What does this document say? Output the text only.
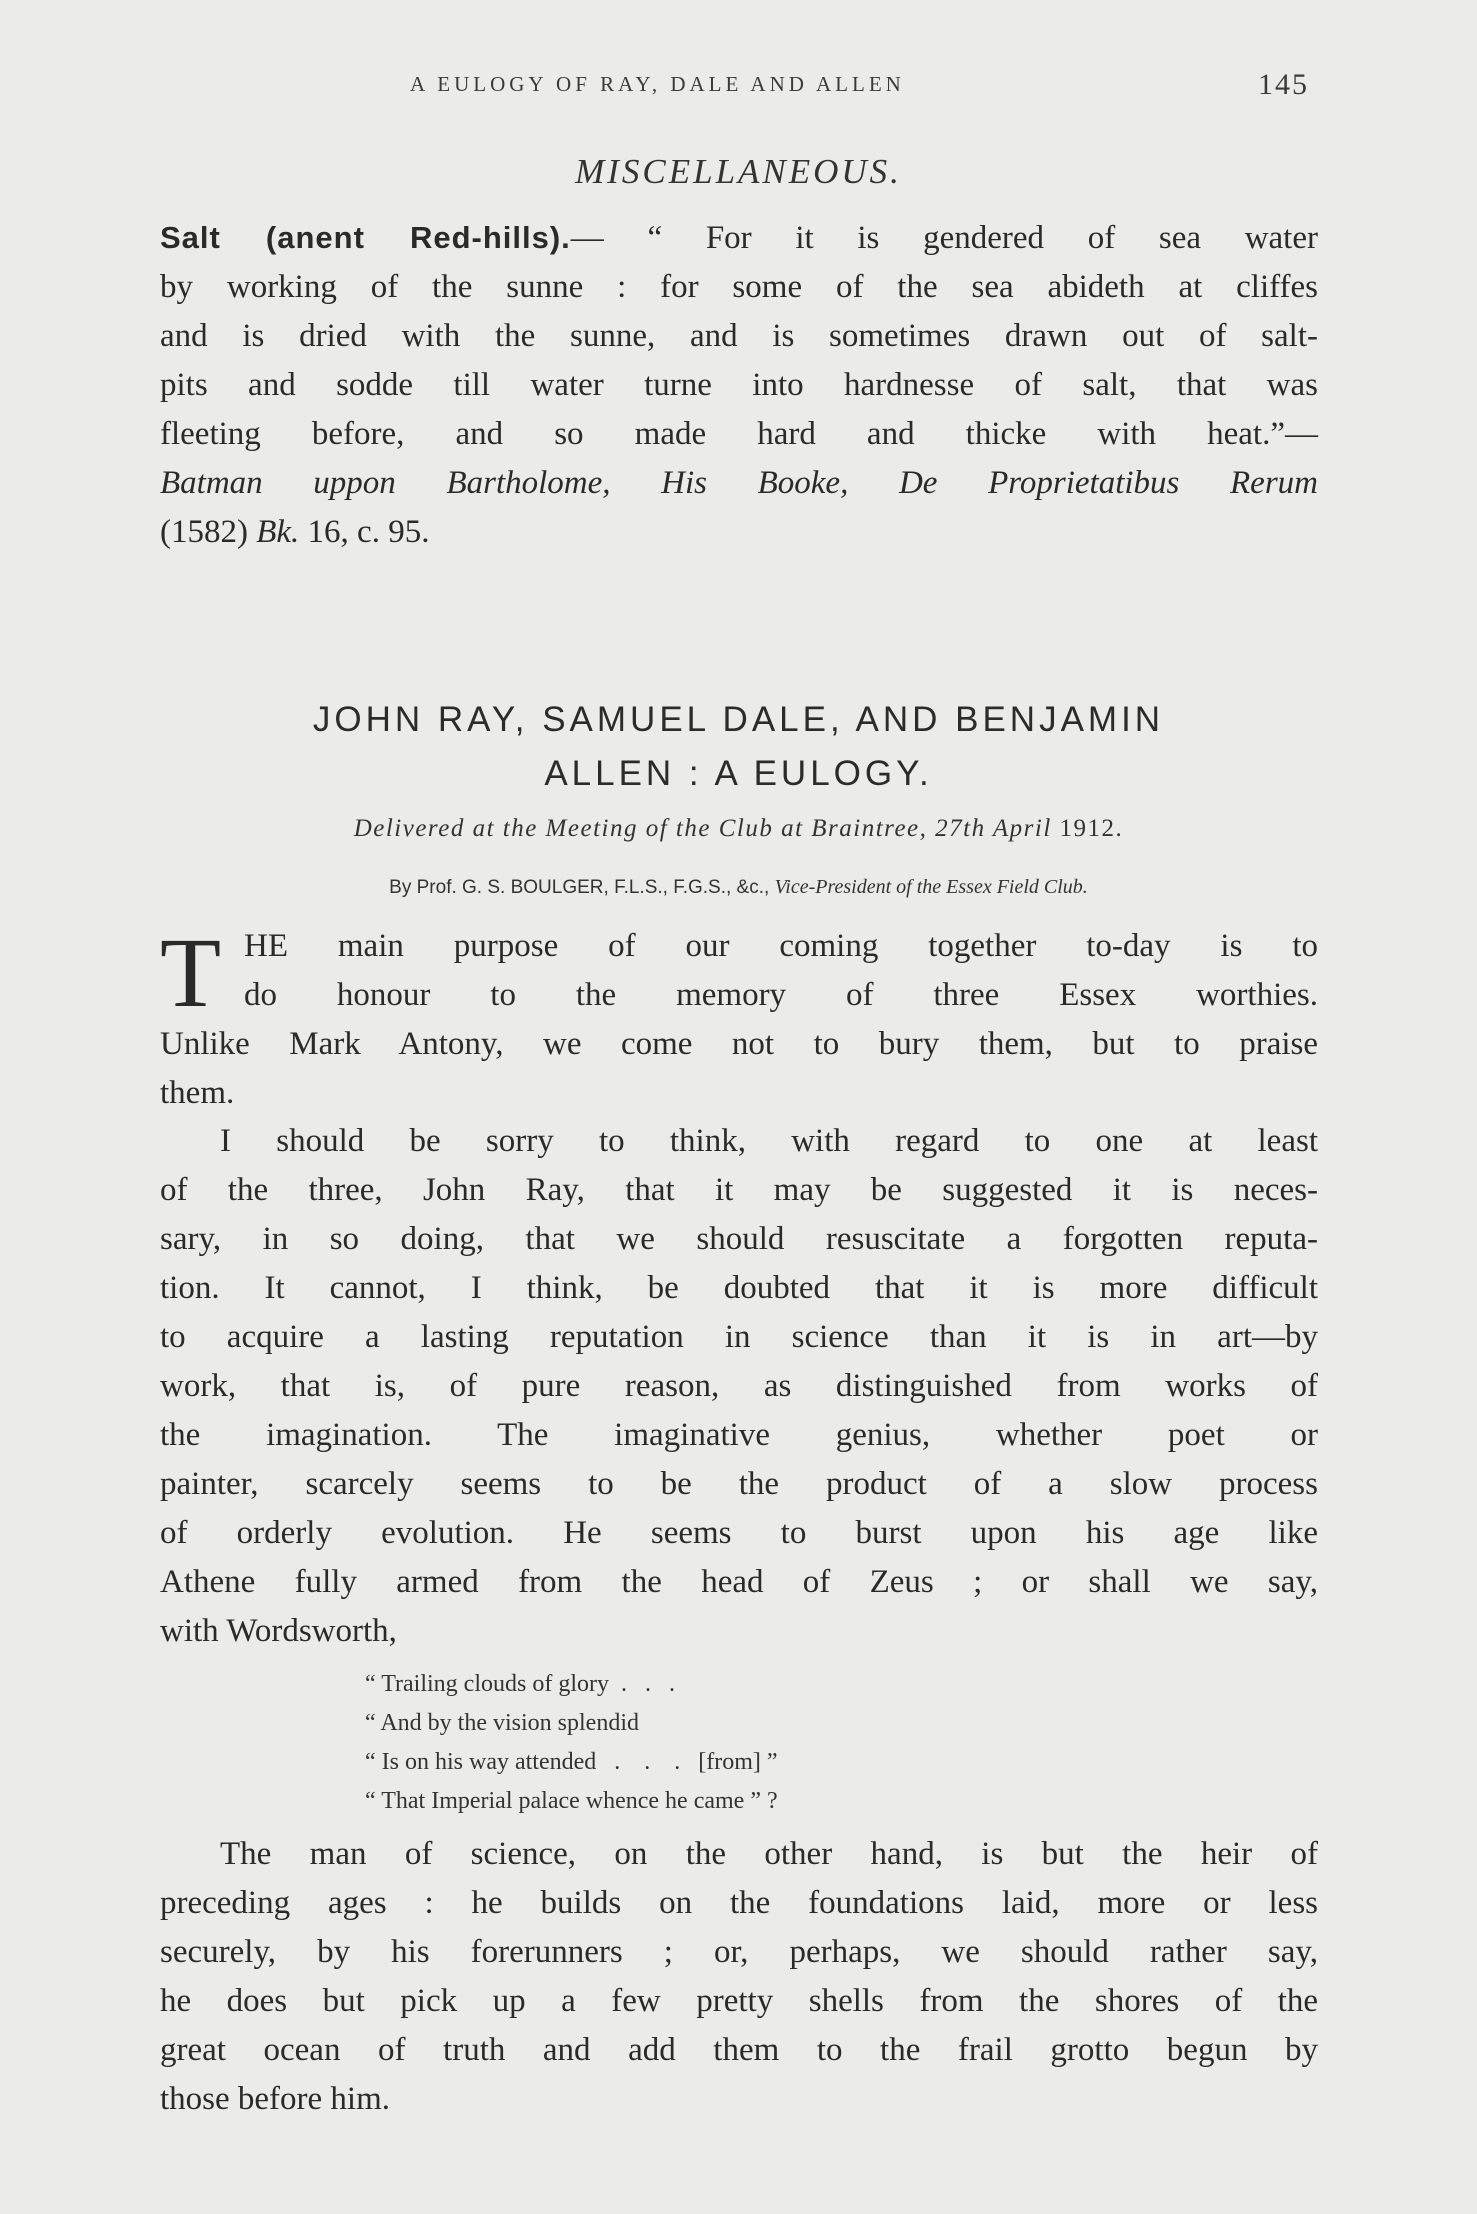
A EULOGY OF RAY, DALE AND ALLEN	145
MISCELLANEOUS.
Salt (anent Red-hills).— “ For it is gendered of sea water
by working of the sunne : for some of the sea abideth at cliffes
and is dried with the sunne, and is sometimes drawn out of salt-
pits and sodde till water turne into hardnesse of salt, that was
fleeting before, and so made hard and thicke with heat.”—
Batman uppon Bartholome, His Booke, De Proprietatibus Rerum
(1582) Bk. 16, c. 95.
JOHN RAY, SAMUEL DALE, AND BENJAMIN
ALLEN : A EULOGY.
Delivered at the Meeting of the Club at Braintree, 27th April 1912.
By Prof. G. S. BOULGER, F.L.S., F.G.S., &c., Vice-President of the Essex Field Club.
T HE main purpose of our coming together to-day is to
do honour to the memory of three Essex worthies.
Unlike Mark Antony, we come not to bury them, but to praise
them.
I should be sorry to think, with regard to one at least
of the three, John Ray, that it may be suggested it is neces-
sary, in so doing, that we should resuscitate a forgotten reputa-
tion. It cannot, I think, be doubted that it is more difficult
to acquire a lasting reputation in science than it is in art—by
work, that is, of pure reason, as distinguished from works of
the imagination. The imaginative genius, whether poet or
painter, scarcely seems to be the product of a slow process
of orderly evolution. He seems to burst upon his age like
Athene fully armed from the head of Zeus ; or shall we say,
with Wordsworth,
“ Trailing clouds of glory  .   .   .
“ And by the vision splendid
“ Is on his way attended   .    .    .   [from] ”
“ That Imperial palace whence he came ” ?
The man of science, on the other hand, is but the heir of
preceding ages : he builds on the foundations laid, more or less
securely, by his forerunners ; or, perhaps, we should rather say,
he does but pick up a few pretty shells from the shores of the
great ocean of truth and add them to the frail grotto begun by
those before him.
